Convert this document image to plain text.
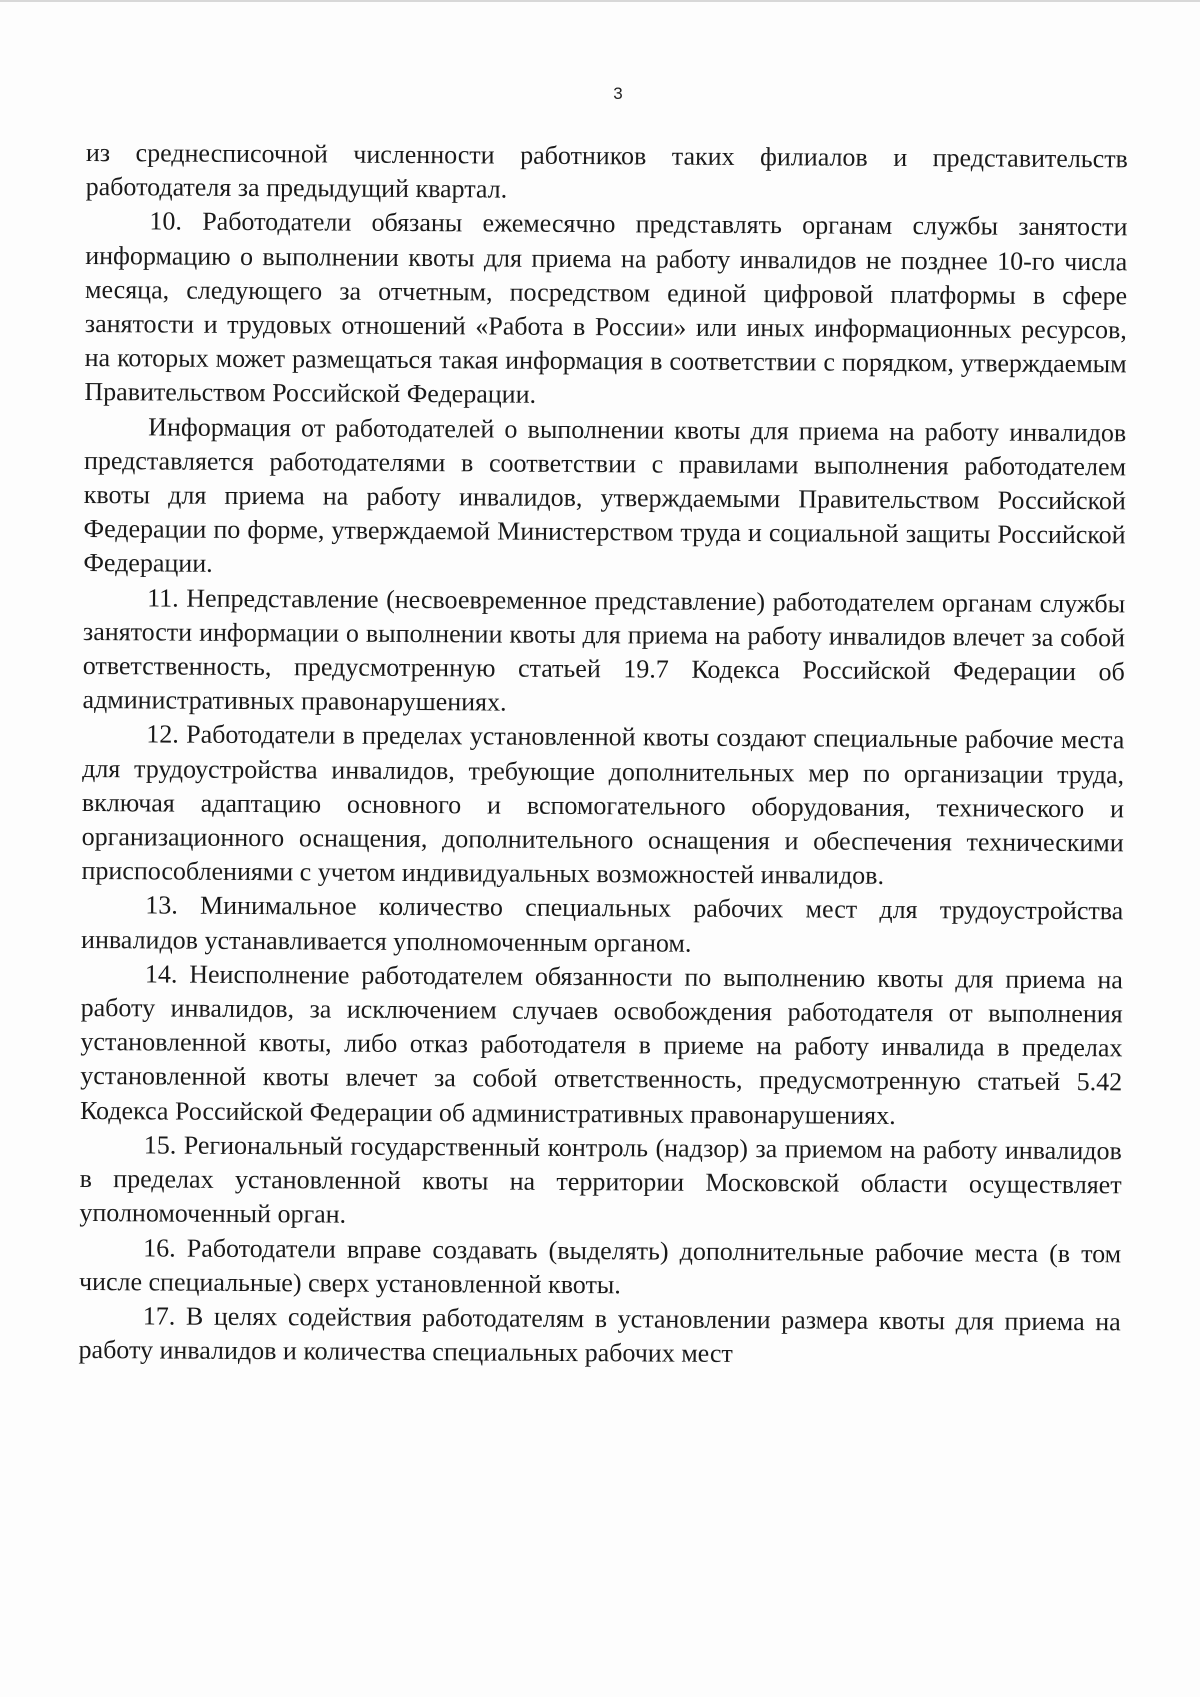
3

из среднесписочной численности работников таких филиалов и представительств работодателя за предыдущий квартал.

10. Работодатели обязаны ежемесячно представлять органам службы занятости информацию о выполнении квоты для приема на работу инвалидов не позднее 10-го числа месяца, следующего за отчетным, посредством единой цифровой платформы в сфере занятости и трудовых отношений «Работа в России» или иных информационных ресурсов, на которых может размещаться такая информация в соответствии с порядком, утверждаемым Правительством Российской Федерации.

Информация от работодателей о выполнении квоты для приема на работу инвалидов представляется работодателями в соответствии с правилами выполнения работодателем квоты для приема на работу инвалидов, утверждаемыми Правительством Российской Федерации по форме, утверждаемой Министерством труда и социальной защиты Российской Федерации.

11. Непредставление (несвоевременное представление) работодателем органам службы занятости информации о выполнении квоты для приема на работу инвалидов влечет за собой ответственность, предусмотренную статьей 19.7 Кодекса Российской Федерации об административных правонарушениях.

12. Работодатели в пределах установленной квоты создают специальные рабочие места для трудоустройства инвалидов, требующие дополнительных мер по организации труда, включая адаптацию основного и вспомогательного оборудования, технического и организационного оснащения, дополнительного оснащения и обеспечения техническими приспособлениями с учетом индивидуальных возможностей инвалидов.

13. Минимальное количество специальных рабочих мест для трудоустройства инвалидов устанавливается уполномоченным органом.

14. Неисполнение работодателем обязанности по выполнению квоты для приема на работу инвалидов, за исключением случаев освобождения работодателя от выполнения установленной квоты, либо отказ работодателя в приеме на работу инвалида в пределах установленной квоты влечет за собой ответственность, предусмотренную статьей 5.42 Кодекса Российской Федерации об административных правонарушениях.

15. Региональный государственный контроль (надзор) за приемом на работу инвалидов в пределах установленной квоты на территории Московской области осуществляет уполномоченный орган.

16. Работодатели вправе создавать (выделять) дополнительные рабочие места (в том числе специальные) сверх установленной квоты.

17. В целях содействия работодателям в установлении размера квоты для приема на работу инвалидов и количества специальных рабочих мест
